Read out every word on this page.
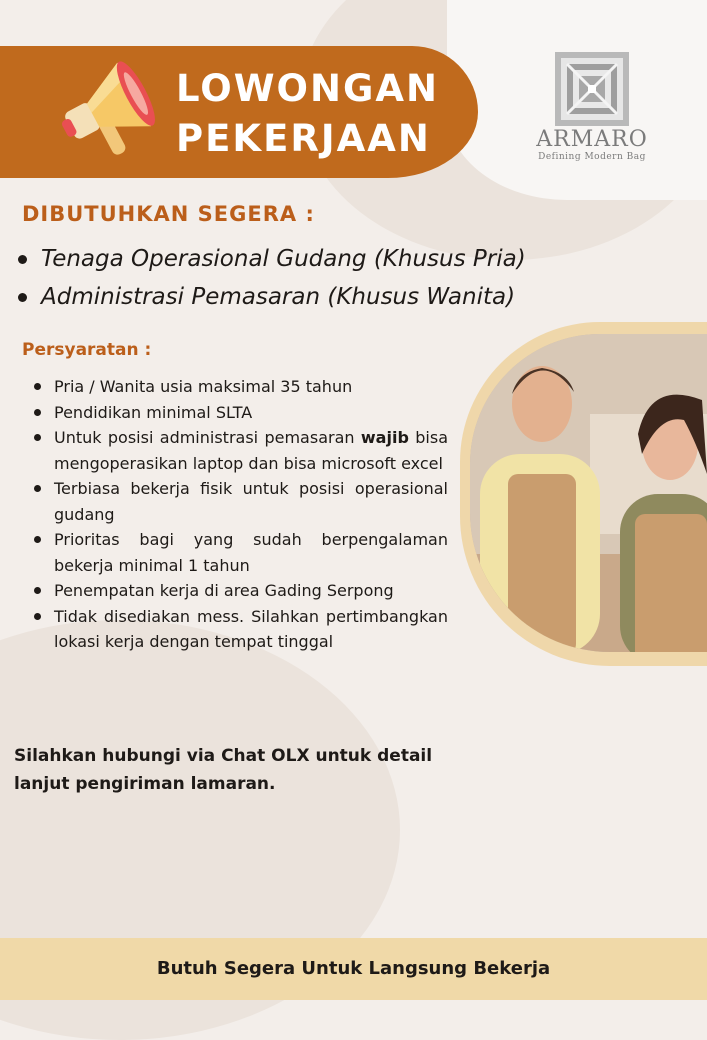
LOWONGAN
PEKERJAAN	ARMARO
Defining Modern Bag
DIBUTUHKAN SEGERA :
Tenaga Operasional Gudang (Khusus Pria)
Administrasi Pemasaran (Khusus Wanita)
Persyaratan :
Pria / Wanita usia maksimal 35 tahun
Pendidikan minimal SLTA
Untuk posisi administrasi pemasaran wajib bisa mengoperasikan laptop dan bisa microsoft excel
Terbiasa bekerja fisik untuk posisi operasional gudang
Prioritas bagi yang sudah berpengalaman bekerja minimal 1 tahun
Penempatan kerja di area Gading Serpong
Tidak disediakan mess. Silahkan pertimbangkan lokasi kerja dengan tempat tinggal
Silahkan hubungi via Chat OLX untuk detail
lanjut pengiriman lamaran.
Butuh Segera Untuk Langsung Bekerja
